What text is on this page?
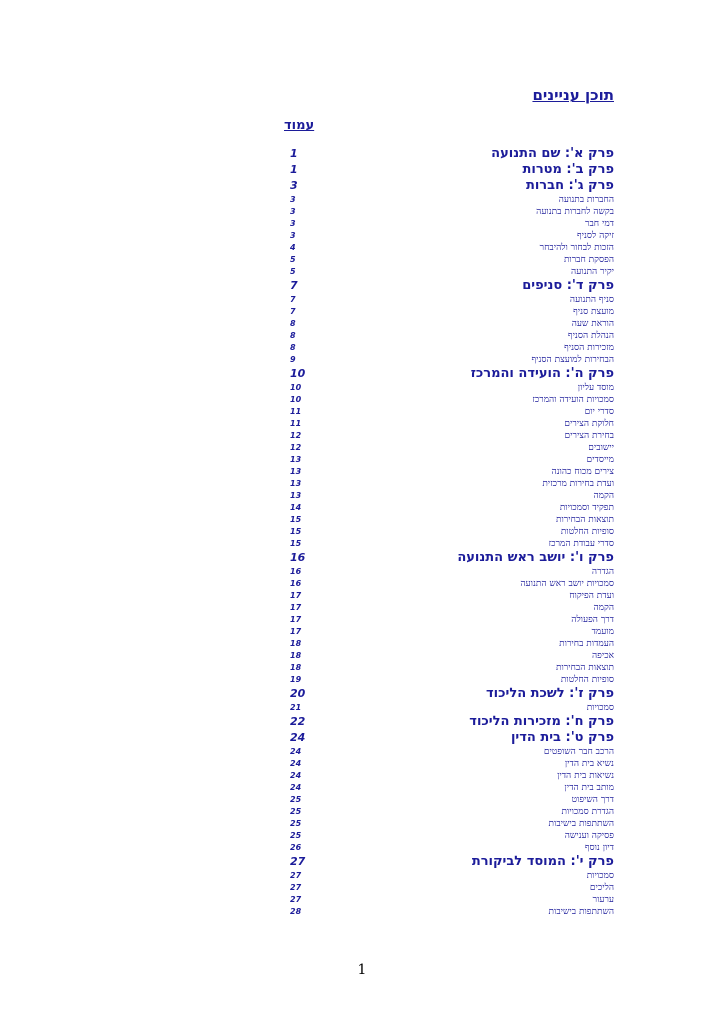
תוכן עניינים
עמוד
פרק א': שם התנועה
1
פרק ב': מטרות
1
פרק ג': חברות
3
החברות בתנועה
3
בקשה לחברות בתנועה
3
דמי חבר
3
זיקה לסניף
3
הזכות לבחור ולהיבחר
4
הפסקת חברות
5
יקיר התנועה
5
פרק ד': סניפים
7
סניף התנועה
7
מועצת סניף
7
הוראת שעה
8
הנהלת הסניף
8
מזכירות הסניף
8
הבחירות למועצת הסניף
9
פרק ה': הועידה והמרכז
10
מוסד עליון
10
סמכויות הועידה והמרכז
10
סדרי יום
11
חלוקת הצירים
11
בחירת הצירים
12
יישובים
12
מייסדים
13
צירים מכוח כהונה
13
ועדת בחירות מרכזית
13
הקמה
13
תפקיד וסמכויות
14
תוצאות הבחירות
15
סופיות החלטות
15
סדרי עבודת המרכז
15
פרק ו': יושב ראש התנועה
16
הגדרה
16
סמכויות יושב ראש התנועה
16
ועדת הפיקוח
17
הקמה
17
דרך הפעולה
17
מועמד
17
העמדות בחירות
18
אכיפה
18
תוצאות הבחירות
18
סופיות החלטות
19
פרק ז': לשכת הליכוד
20
סמכויות
21
פרק ח': מזכירות הליכוד
22
פרק ט': בית הדין
24
הרכב חבר השופטים
24
נשיא בית הדין
24
נשיאות בית הדין
24
מותב בית הדין
24
דרך השיפוט
25
הגדרת סמכויות
25
השתתפות בישיבות
25
פסיקה וענישה
25
דיון נוסף
26
פרק י': המוסד לביקורת
27
סמכויות
27
הליכים
27
ערעור
27
השתתפות בישיבות
28
1
